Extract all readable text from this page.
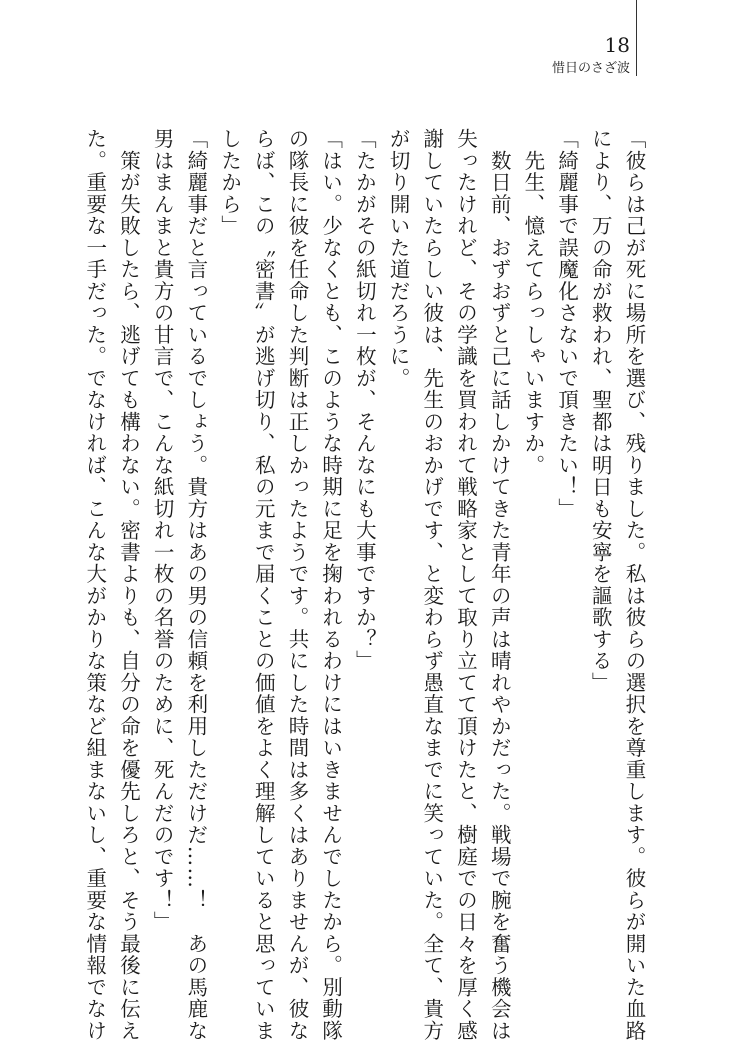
18
惜日のさざ波

「彼らは己が死に場所を選び、残りました。私は彼らの選択を尊重します。彼らが開いた血路

により、万の命が救われ、聖都は明日も安寧を謳歌する」

「綺麗事で誤魔化さないで頂きたい！」

　先生、憶えてらっしゃいますか。

　数日前、おずおずと己に話しかけてきた青年の声は晴れやかだった。戦場で腕を奮う機会は

失ったけれど、その学識を買われて戦略家として取り立てて頂けたと、樹庭での日々を厚く感

謝していたらしい彼は、先生のおかげです、と変わらず愚直なまでに笑っていた。全て、貴方

が切り開いた道だろうに。

「たかがその紙切れ一枚が、そんなにも大事ですか？」

「はい。少なくとも、このような時期に足を掬われるわけにはいきませんでしたから。別動隊

の隊長に彼を任命した判断は正しかったようです。共にした時間は多くはありませんが、彼な

らば、この〝密書〟が逃げ切り、私の元まで届くことの価値をよく理解していると思っていま

したから」

「綺麗事だと言っているでしょう。貴方はあの男の信頼を利用しただけだ……！　あの馬鹿な

男はまんまと貴方の甘言で、こんな紙切れ一枚の名誉のために、死んだのです！」

　策が失敗したら、逃げても構わない。密書よりも、自分の命を優先しろと、そう最後に伝え

た。重要な一手だった。でなければ、こんな大がかりな策など組まないし、重要な情報でなけ
